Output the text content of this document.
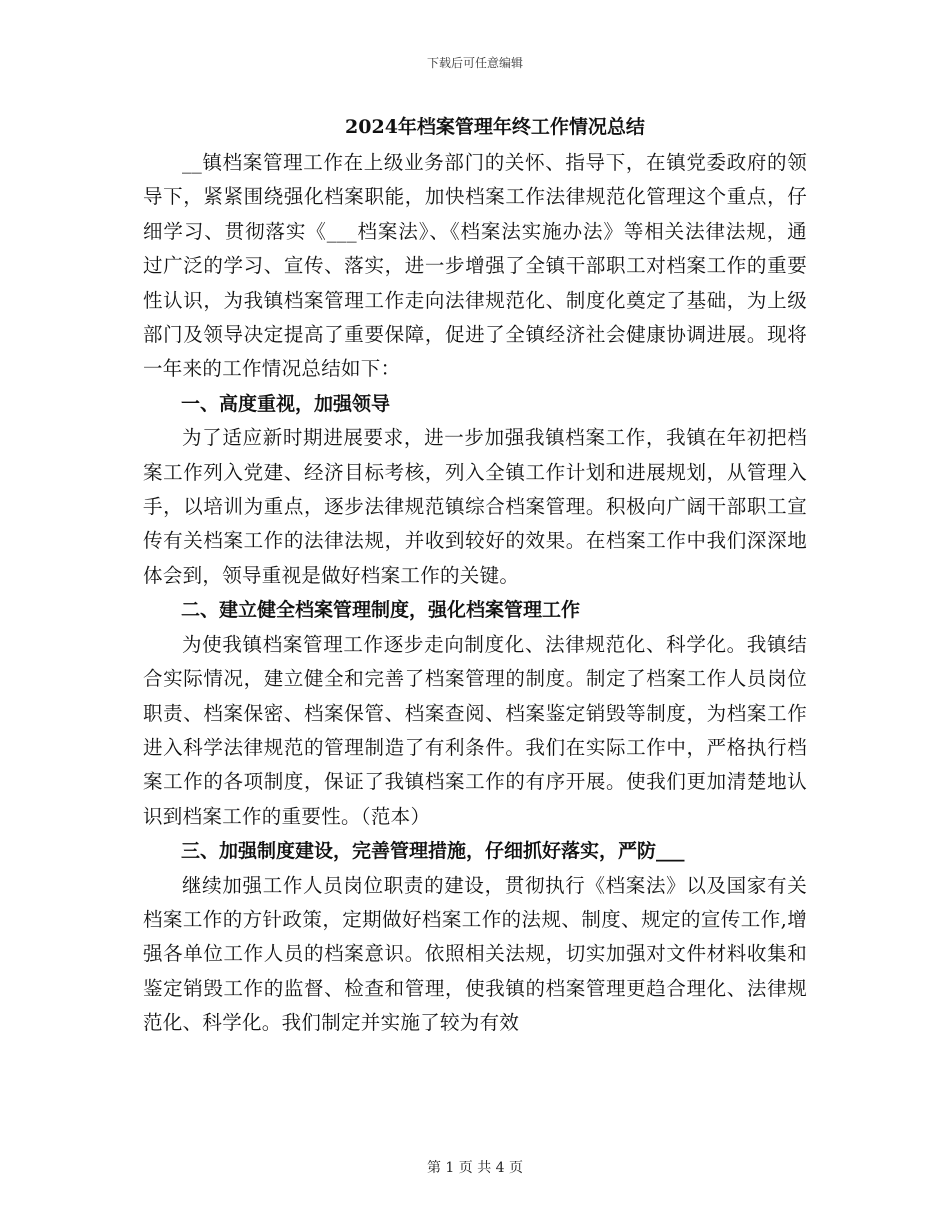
下载后可任意编辑
2024年档案管理年终工作情况总结

__镇档案管理工作在上级业务部门的关怀、指导下，在镇党委政府的领导下，紧紧围绕强化档案职能，加快档案工作法律规范化管理这个重点，仔细学习、贯彻落实《___档案法》、《档案法实施办法》等相关法律法规，通过广泛的学习、宣传、落实，进一步增强了全镇干部职工对档案工作的重要性认识，为我镇档案管理工作走向法律规范化、制度化奠定了基础，为上级部门及领导决定提高了重要保障，促进了全镇经济社会健康协调进展。现将一年来的工作情况总结如下：

一、高度重视，加强领导

为了适应新时期进展要求，进一步加强我镇档案工作，我镇在年初把档案工作列入党建、经济目标考核，列入全镇工作计划和进展规划，从管理入手，以培训为重点，逐步法律规范镇综合档案管理。积极向广阔干部职工宣传有关档案工作的法律法规，并收到较好的效果。在档案工作中我们深深地体会到，领导重视是做好档案工作的关键。

二、建立健全档案管理制度，强化档案管理工作

为使我镇档案管理工作逐步走向制度化、法律规范化、科学化。我镇结合实际情况，建立健全和完善了档案管理的制度。制定了档案工作人员岗位职责、档案保密、档案保管、档案查阅、档案鉴定销毁等制度，为档案工作进入科学法律规范的管理制造了有利条件。我们在实际工作中，严格执行档案工作的各项制度，保证了我镇档案工作的有序开展。使我们更加清楚地认识到档案工作的重要性。（范本）

三、加强制度建设，完善管理措施，仔细抓好落实，严防___

继续加强工作人员岗位职责的建设，贯彻执行《档案法》以及国家有关档案工作的方针政策，定期做好档案工作的法规、制度、规定的宣传工作,增强各单位工作人员的档案意识。依照相关法规，切实加强对文件材料收集和鉴定销毁工作的监督、检查和管理，使我镇的档案管理更趋合理化、法律规范化、科学化。我们制定并实施了较为有效

第 1 页 共 4 页
